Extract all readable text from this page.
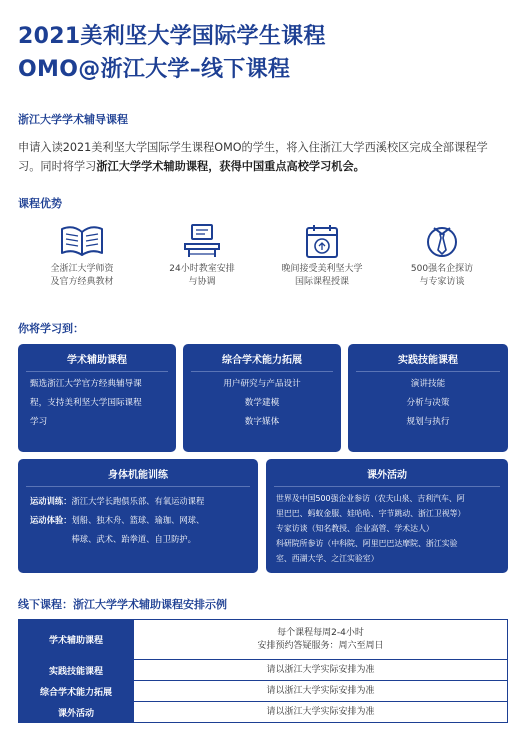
2021美利坚大学国际学生课程
OMO@浙江大学–线下课程
浙江大学学术辅导课程

申请入读2021美利坚大学国际学生课程OMO的学生，将入住浙江大学西溪校区完成全部课程学习。同时将学习浙江大学学术辅助课程，获得中国重点高校学习机会。

课程优势
全浙江大学师资
及官方经典教材
24小时教室安排
与协调
晚间接受美利坚大学
国际课程授课
500强名企探访
与专家访谈
你将学习到：
学术辅助课程
甄选浙江大学官方经典辅导课
程，支持美利坚大学国际课程
学习
综合学术能力拓展
用户研究与产品设计
数学建模
数字媒体
实践技能课程
演讲技能
分析与决策
规划与执行
身体机能训练
运动训练： 浙江大学长跑俱乐部、有氧运动课程
运动体验： 划船、独木舟、篮球、瑜珈、网球、
棒球、武术、跆拳道、自卫防护。
课外活动
世界及中国500强企业参访（农夫山泉、吉利汽车、阿
里巴巴、蚂蚁金服、娃哈哈、字节跳动、浙江卫视等）
专家访谈（知名教授、企业高管、学术达人）
科研院所参访（中科院、阿里巴巴达摩院、浙江实验
室、西湖大学、之江实验室）
线下课程：浙江大学学术辅助课程安排示例
学术辅助课程	每个课程每周2-4小时
安排预约答疑服务：周六至周日

实践技能课程	请以浙江大学实际安排为准
综合学术能力拓展	请以浙江大学实际安排为准
课外活动	请以浙江大学实际安排为准
